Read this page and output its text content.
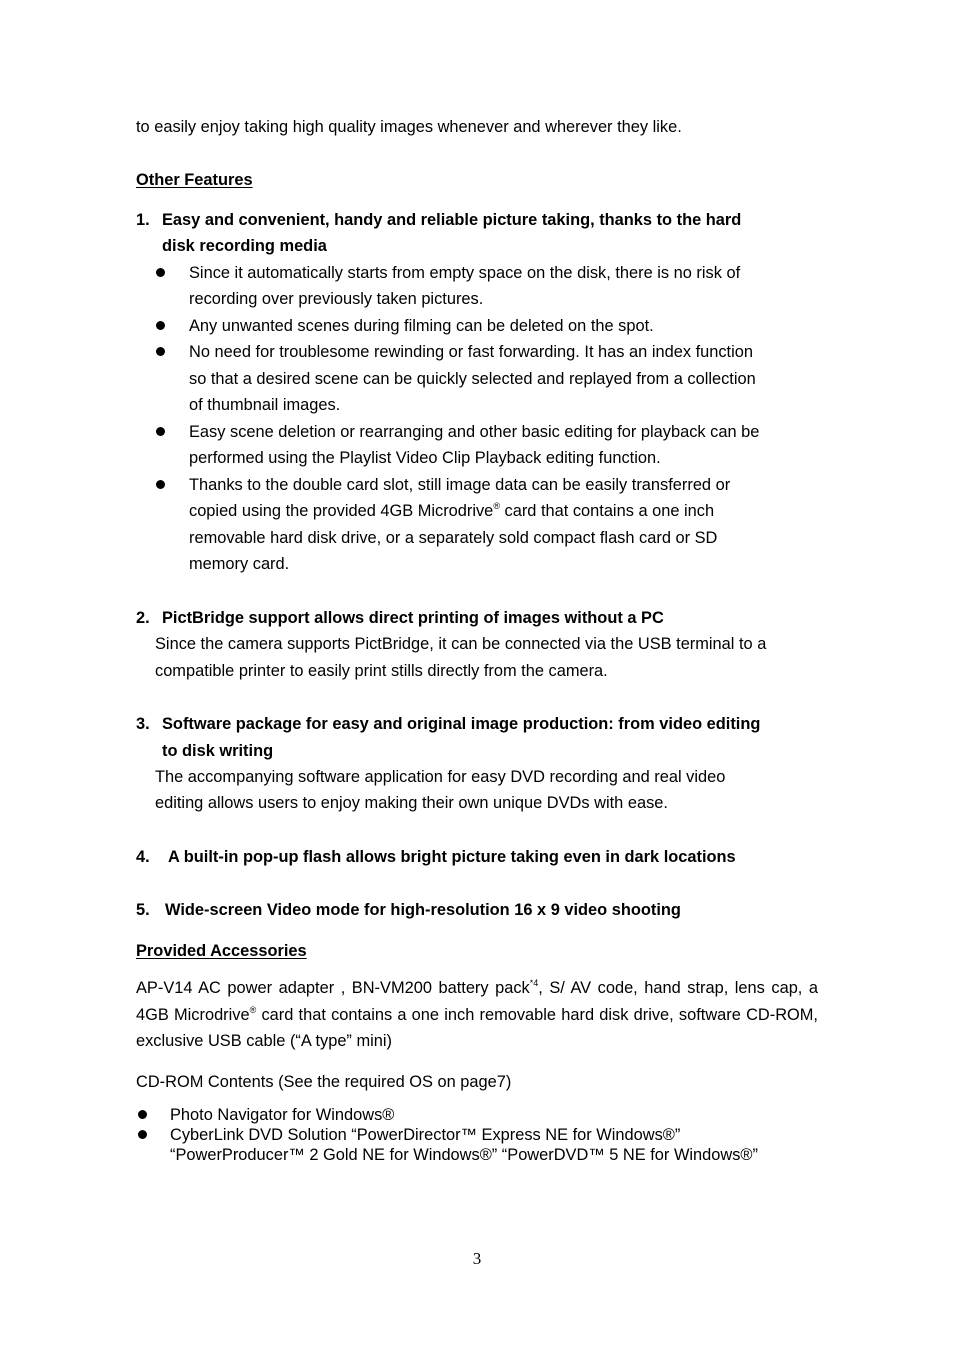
to easily enjoy taking high quality images whenever and wherever they like.

Other Features

1. Easy and convenient, handy and reliable picture taking, thanks to the hard

disk recording media

Since it automatically starts from empty space on the disk, there is no risk of

recording over previously taken pictures.

Any unwanted scenes during filming can be deleted on the spot.

No need for troublesome rewinding or fast forwarding. It has an index function

so that a desired scene can be quickly selected and replayed from a collection

of thumbnail images.

Easy scene deletion or rearranging and other basic editing for playback can be

performed using the Playlist Video Clip Playback editing function.

Thanks to the double card slot, still image data can be easily transferred or

copied using the provided 4GB Microdrive® card that contains a one inch

removable hard disk drive, or a separately sold compact flash card or SD

memory card.

2. PictBridge support allows direct printing of images without a PC

Since the camera supports PictBridge, it can be connected via the USB terminal to a

compatible printer to easily print stills directly from the camera.

3. Software package for easy and original image production: from video editing

to disk writing

The accompanying software application for easy DVD recording and real video

editing allows users to enjoy making their own unique DVDs with ease.

4. A built-in pop-up flash allows bright picture taking even in dark locations

5. Wide-screen Video mode for high-resolution 16 x 9 video shooting

Provided Accessories

AP-V14 AC power adapter , BN-VM200 battery pack$^{*4}$, S/ AV code, hand strap, lens cap, a 4GB Microdrive® card that contains a one inch removable hard disk drive, software CD-ROM, exclusive USB cable (“A type” mini)

CD-ROM Contents (See the required OS on page7)

Photo Navigator for Windows®

CyberLink DVD Solution “PowerDirector™ Express NE for Windows®”

“PowerProducer™ 2 Gold NE for Windows®” “PowerDVD™ 5 NE for Windows®”

3
